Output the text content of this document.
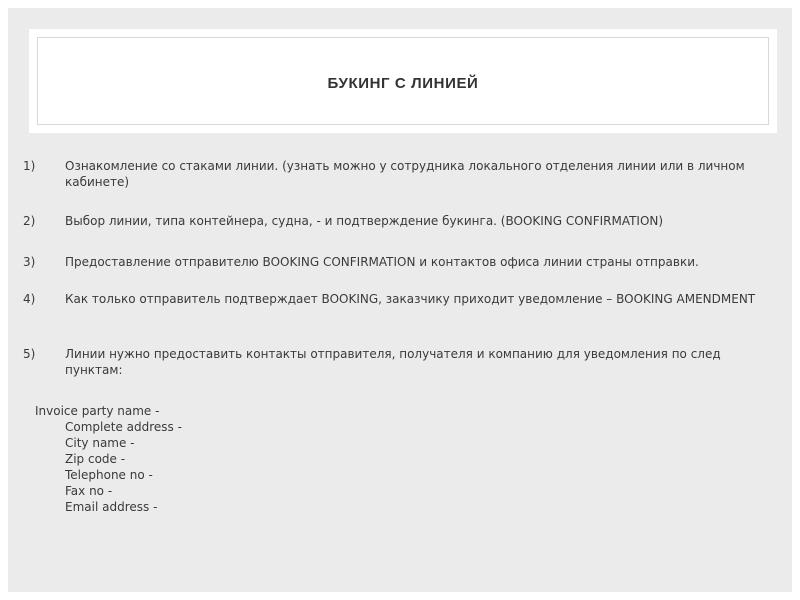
БУКИНГ С ЛИНИЕЙ
1)	Ознакомление со стаками линии. (узнать можно у сотрудника локального отделения линии или в личном кабинете)
2)	Выбор линии, типа контейнера, судна, - и подтверждение букинга. (BOOKING CONFIRMATION)
3)	Предоставление отправителю BOOKING CONFIRMATION и контактов офиса линии страны отправки.
4)	Как только отправитель подтверждает BOOKING, заказчику приходит уведомление – BOOKING AMENDMENT
5)	Линии нужно предоставить контакты отправителя, получателя и компанию для уведомления по след пунктам:
Invoice party name -
Complete address -
City name -
Zip code -
Telephone no -
Fax no -
Email address -
